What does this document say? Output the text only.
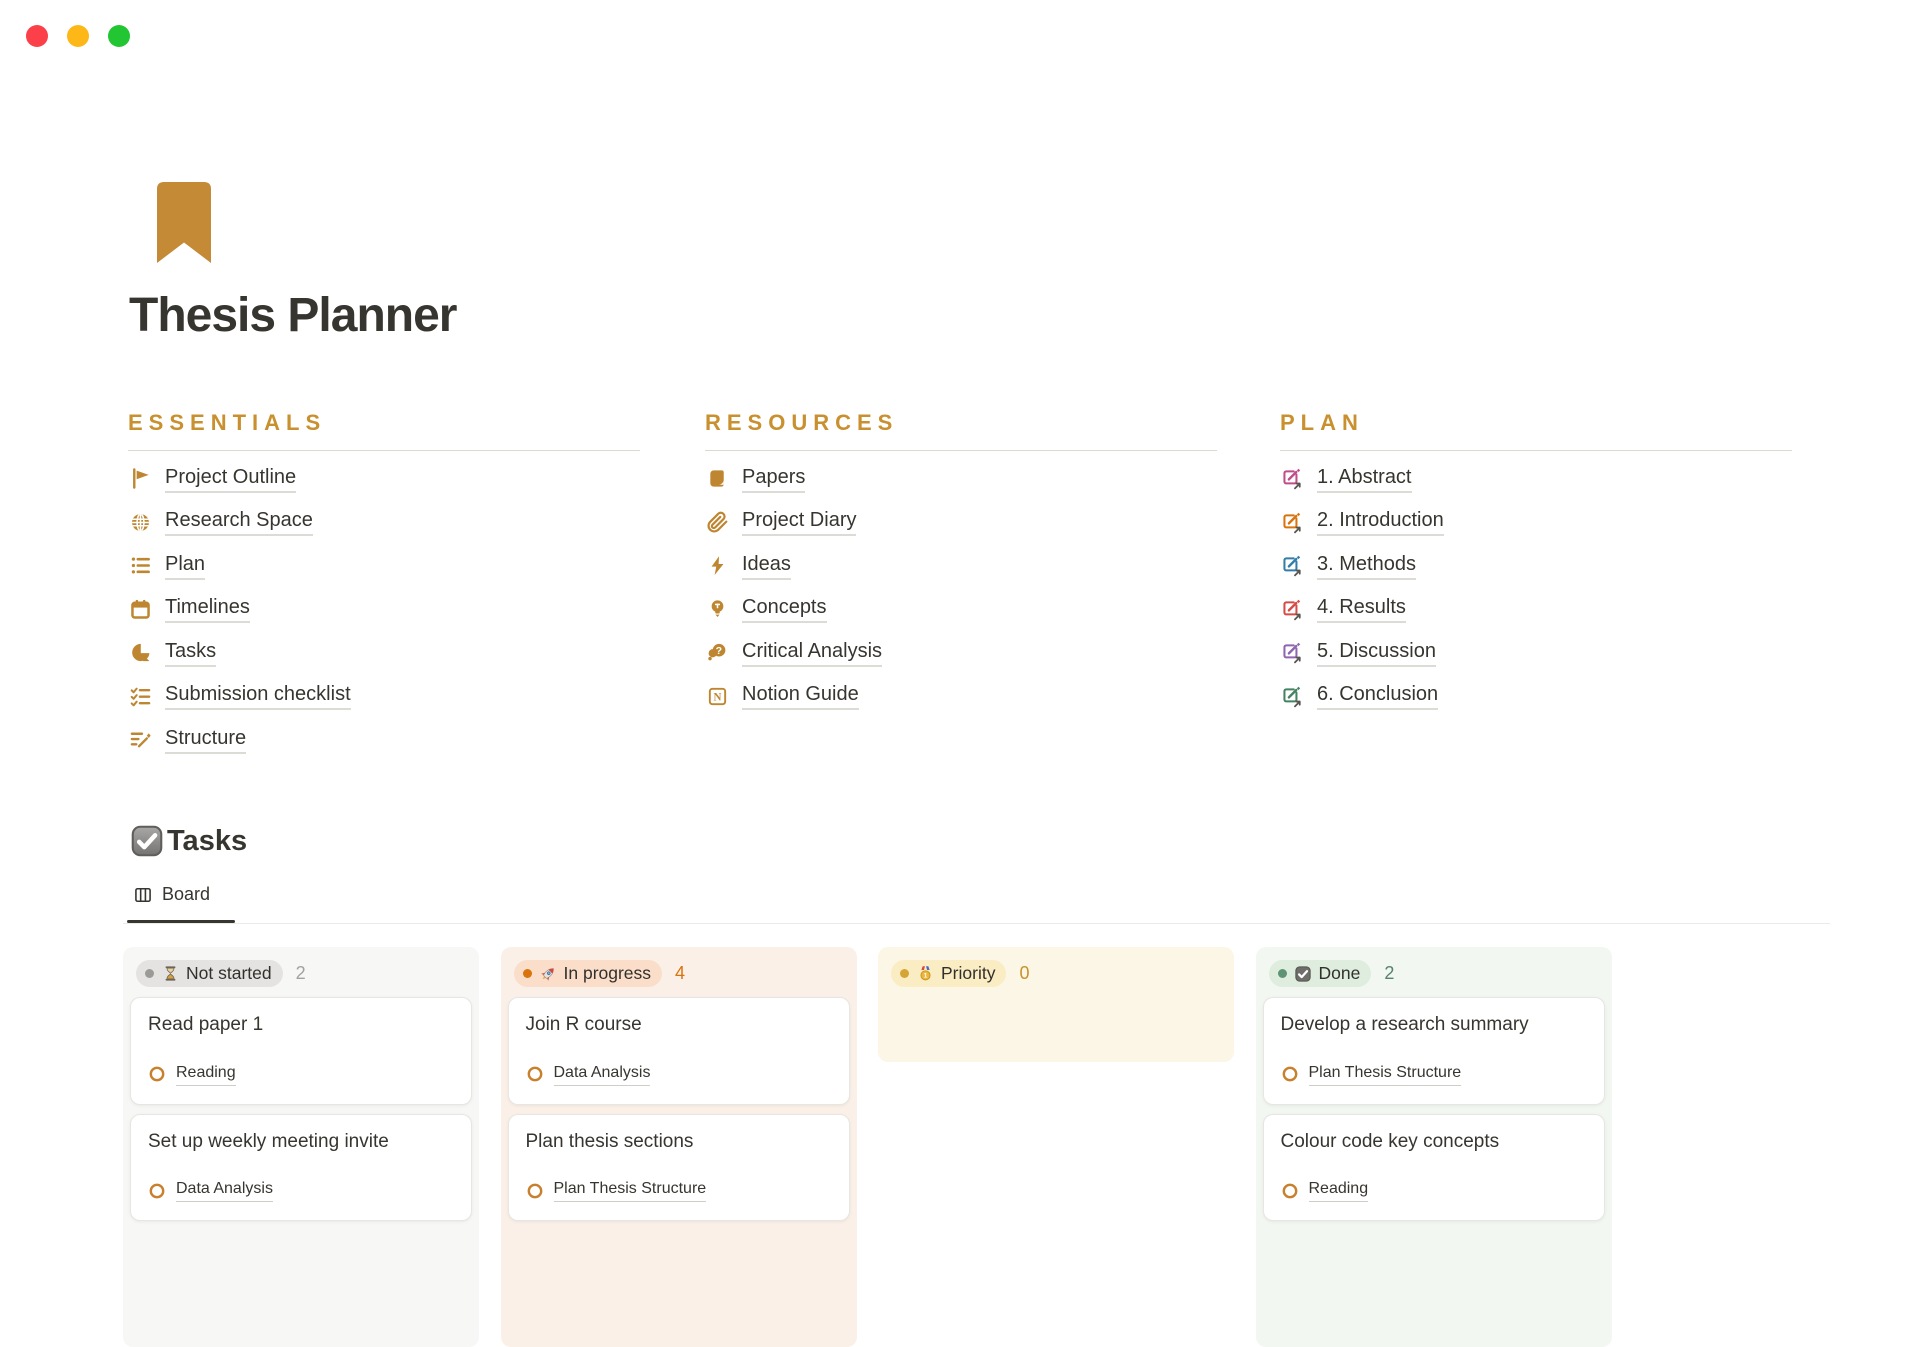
Thesis Planner
ESSENTIALS
Project Outline
Research Space
Plan
Timelines
Tasks
Submission checklist
Structure
RESOURCES
Papers
Project Diary
Ideas
Concepts
? Critical Analysis
N Notion Guide
PLAN
1. Abstract
2. Introduction
3. Methods
4. Results
5. Discussion
6. Conclusion
Tasks
Board
Not started 2
Read paper 1
Reading
Set up weekly meeting invite
Data Analysis
In progress 4
Join R course
Data Analysis
Plan thesis sections
Plan Thesis Structure
1 Priority 0	Done 2
Develop a research summary
Plan Thesis Structure
Colour code key concepts
Reading
